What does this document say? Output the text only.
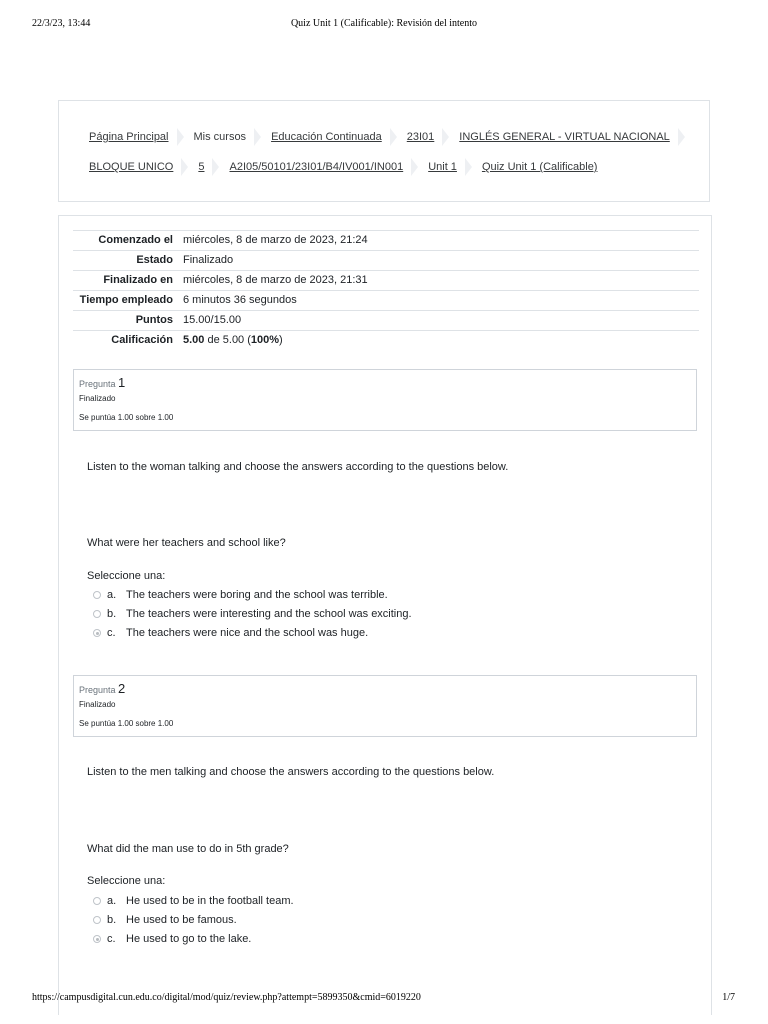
22/3/23, 13:44	Quiz Unit 1 (Calificable): Revisión del intento
Página Principal Mis cursos Educación Continuada 23I01 INGLÉS GENERAL - VIRTUAL NACIONAL
BLOQUE UNICO 5 A2I05/50101/23I01/B4/IV001/IN001 Unit 1 Quiz Unit 1 (Calificable)
Comenzado el	miércoles, 8 de marzo de 2023, 21:24
Estado	Finalizado
Finalizado en	miércoles, 8 de marzo de 2023, 21:31
Tiempo empleado	6 minutos 36 segundos
Puntos	15.00/15.00
Calificación	5.00 de 5.00 (100%)
Pregunta 1
Finalizado
Se puntúa 1.00 sobre 1.00
Listen to the woman talking and choose the answers according to the questions below.
What were her teachers and school like?
Seleccione una:
a. The teachers were boring and the school was terrible.
b. The teachers were interesting and the school was exciting.
c. The teachers were nice and the school was huge.
Pregunta 2
Finalizado
Se puntúa 1.00 sobre 1.00
Listen to the men talking and choose the answers according to the questions below.
What did the man use to do in 5th grade?
Seleccione una:
a. He used to be in the football team.
b. He used to be famous.
c. He used to go to the lake.
https://campusdigital.cun.edu.co/digital/mod/quiz/review.php?attempt=5899350&cmid=6019220	1/7
